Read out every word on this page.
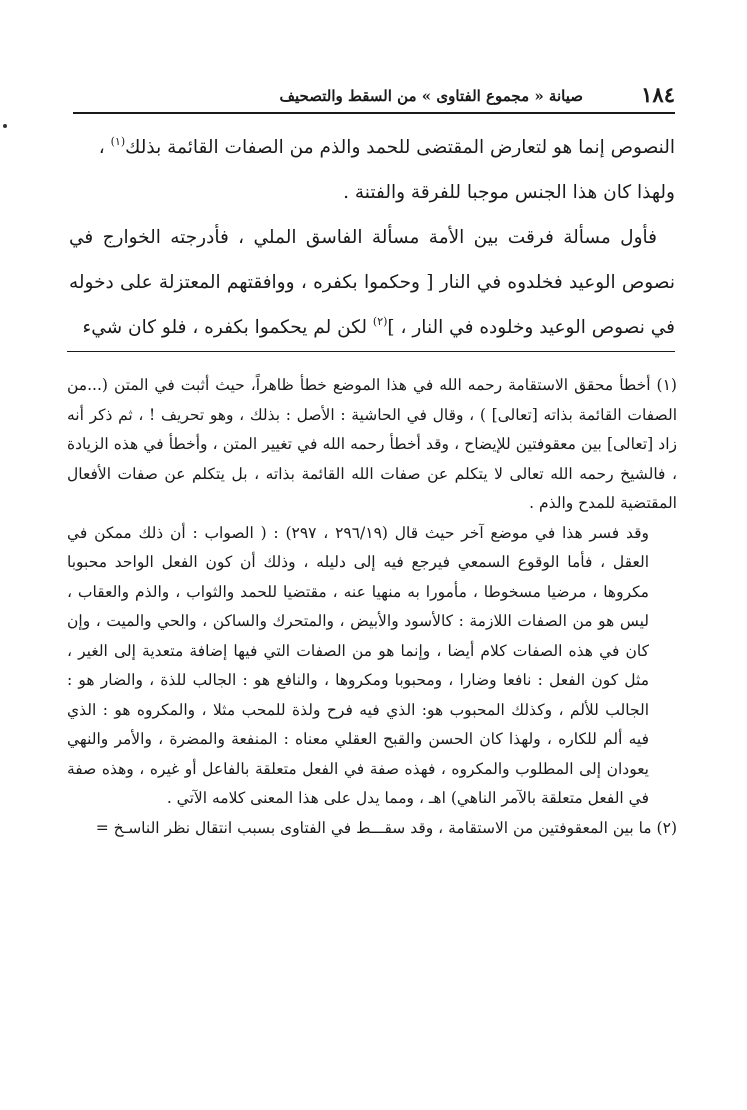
١٨٤
صيانة « مجموع الفتاوى » من السقط والتصحيف

النصوص إنما هو لتعارض المقتضى للحمد والذم من الصفات القائمة بذلك$^{(١)}$ ،

ولهذا كان هذا الجنس موجبا للفرقة والفتنة .

فأول مسألة فرقت بين الأمة مسألة الفاسق الملي ، فأدرجته الخوارج في نصوص الوعيد فخلدوه في النار [ وحكموا بكفره ، ووافقتهم المعتزلة على دخوله في نصوص الوعيد وخلوده في النار ، ]$^{(٢)}$ لكن لم يحكموا بكفره ، فلو كان شيء

(١) أخطأ محقق الاستقامة رحمه الله في هذا الموضع خطأ ظاهراً، حيث أثبت في المتن (...من الصفات القائمة بذاته [تعالى] ) ، وقال في الحاشية : الأصل : بذلك ، وهو تحريف ! ، ثم ذكر أنه زاد [تعالى] بين معقوفتين للإيضاح ، وقد أخطأ رحمه الله في تغيير المتن ، وأخطأ في هذه الزيادة ، فالشيخ رحمه الله تعالى لا يتكلم عن صفات الله القائمة بذاته ، بل يتكلم عن صفات الأفعال المقتضية للمدح والذم .

وقد فسر هذا في موضع آخر حيث قال (٢٩٦/١٩ ، ٢٩٧) : ( الصواب : أن ذلك ممكن في العقل ، فأما الوقوع السمعي فيرجع فيه إلى دليله ، وذلك أن كون الفعل الواحد محبوبا مكروها ، مرضيا مسخوطا ، مأمورا به منهيا عنه ، مقتضيا للحمد والثواب ، والذم والعقاب ، ليس هو من الصفات اللازمة : كالأسود والأبيض ، والمتحرك والساكن ، والحي والميت ، وإن كان في هذه الصفات كلام أيضا ، وإنما هو من الصفات التي فيها إضافة متعدية إلى الغير ، مثل كون الفعل : نافعا وضارا ، ومحبوبا ومكروها ، والنافع هو : الجالب للذة ، والضار هو : الجالب للألم ، وكذلك المحبوب هو: الذي فيه فرح ولذة للمحب مثلا ، والمكروه هو : الذي فيه ألم للكاره ، ولهذا كان الحسن والقبح العقلي معناه : المنفعة والمضرة ، والأمر والنهي يعودان إلى المطلوب والمكروه ، فهذه صفة في الفعل متعلقة بالفاعل أو غيره ، وهذه صفة في الفعل متعلقة بالآمر الناهي) اهـ ، ومما يدل على هذا المعنى كلامه الآتي .

(٢) ما بين المعقوفتين من الاستقامة ، وقد سقـــط في الفتاوى بسبب انتقال نظر الناسـخ =
